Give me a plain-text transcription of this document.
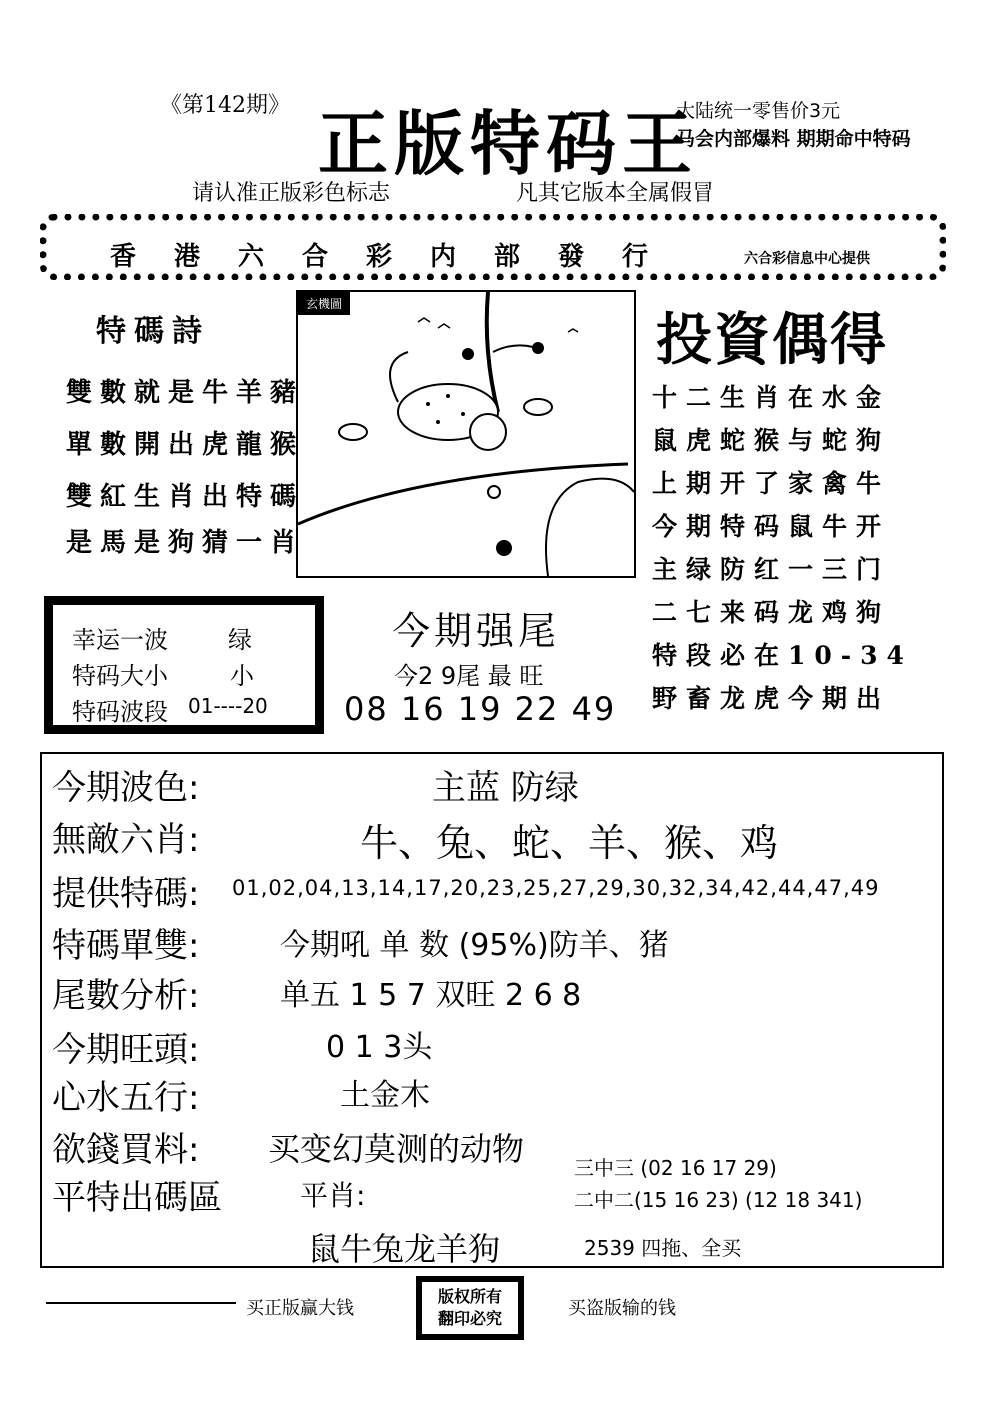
《第142期》 正版特码王
大陆统一零售价3元
马会内部爆料 期期命中特码
请认准正版彩色标志	凡其它版本全属假冒
香港六合彩内部發行	六合彩信息中心提供
特碼詩
雙數就是牛羊豬
單數開出虎龍猴
雙紅生肖出特碼
是馬是狗猜一肖
玄機圖
投資偶得
十二生肖在水金
鼠虎蛇猴与蛇狗
上期开了家禽牛
今期特码鼠牛开
主绿防红一三门
二七来码龙鸡狗
特段必在10-34
野畜龙虎今期出
幸运一波	绿
特码大小	小
特码波段 01----20
今期强尾
今2 9尾 最 旺
08 16 19 22 49
今期波色:	主蓝 防绿
無敵六肖:	牛、兔、蛇、羊、猴、鸡
提供特碼: 01,02,04,13,14,17,20,23,25,27,29,30,32,34,42,44,47,49
特碼單雙:	今期吼 单 数 (95%)防羊、猪
尾數分析:	单五 1 5 7 双旺 2 6 8
今期旺頭:	0 1 3头
心水五行:	土金木
欲錢買料: 买变幻莫测的动物
平特出碼區	平肖:
鼠牛兔龙羊狗
三中三 (02 16 17 29)
二中二(15 16 23) (12 18 341)
2539 四拖、全买
买正版赢大钱
版权所有
翻印必究	买盗版输的钱
